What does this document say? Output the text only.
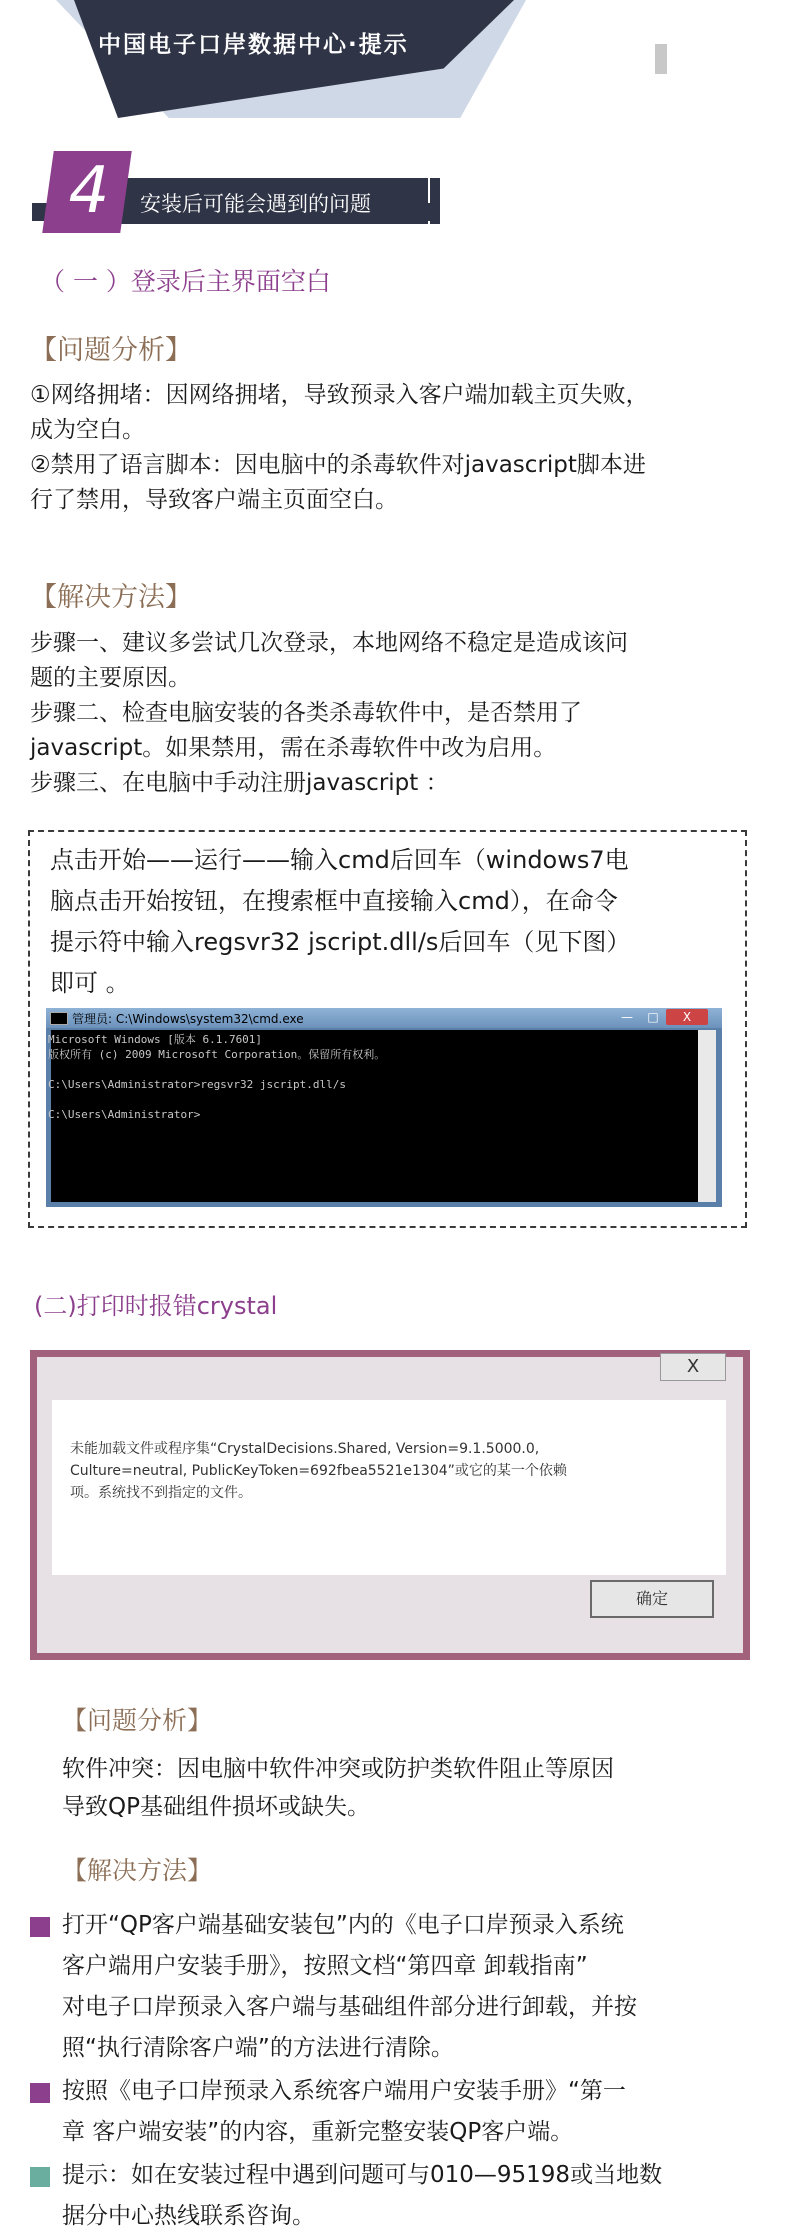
中国电子口岸数据中心·提示
4	安装后可能会遇到的问题
（ 一 ）登录后主界面空白
【问题分析】
①网络拥堵：因网络拥堵，导致预录入客户端加载主页失败，
成为空白。
②禁用了语言脚本：因电脑中的杀毒软件对javascript脚本进
行了禁用，导致客户端主页面空白。
【解决方法】
步骤一、建议多尝试几次登录，本地网络不稳定是造成该问
题的主要原因。
步骤二、检查电脑安装的各类杀毒软件中，是否禁用了
javascript。如果禁用，需在杀毒软件中改为启用。
步骤三、在电脑中手动注册javascript ：
点击开始——运行——输入cmd后回车（windows7电
脑点击开始按钮，在搜索框中直接输入cmd），在命令
提示符中输入regsvr32 jscript.dll/s后回车（见下图）
即可 。
管理员: C:\Windows\system32\cmd.exe	—	□	X
Microsoft Windows [版本 6.1.7601]
版权所有 (c) 2009 Microsoft Corporation。保留所有权利。
C:\Users\Administrator>regsvr32 jscript.dll/s
C:\Users\Administrator>
(二)打印时报错crystal
X
未能加载文件或程序集“CrystalDecisions.Shared, Version=9.1.5000.0,
Culture=neutral, PublicKeyToken=692fbea5521e1304”或它的某一个依赖
项。系统找不到指定的文件。
确定
【问题分析】
软件冲突：因电脑中软件冲突或防护类软件阻止等原因
导致QP基础组件损坏或缺失。
【解决方法】
打开“QP客户端基础安装包”内的《电子口岸预录入系统
客户端用户安装手册》，按照文档“第四章 卸载指南”
对电子口岸预录入客户端与基础组件部分进行卸载，并按
照“执行清除客户端”的方法进行清除。
按照《电子口岸预录入系统客户端用户安装手册》“第一
章 客户端安装”的内容，重新完整安装QP客户端。
提示：如在安装过程中遇到问题可与010—95198或当地数
据分中心热线联系咨询。
